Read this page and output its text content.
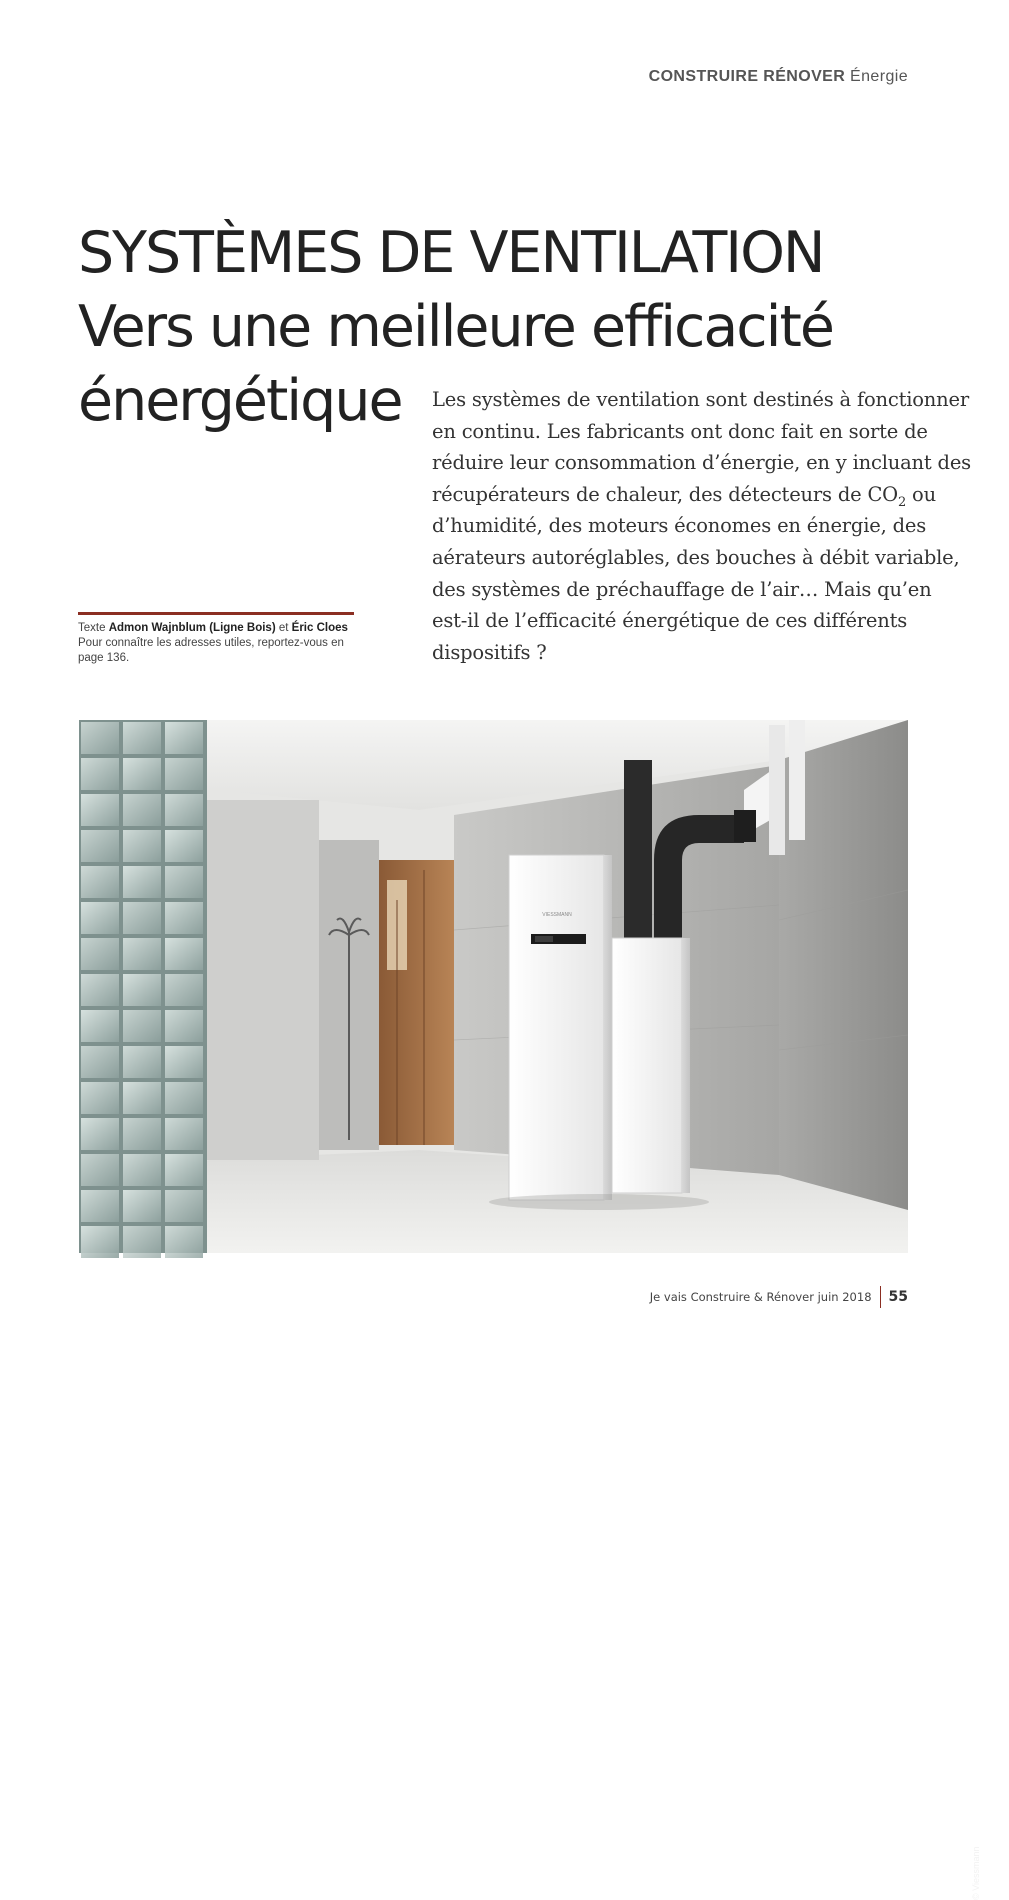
CONSTRUIRE RÉNOVER Énergie
SYSTÈMES DE VENTILATION
Vers une meilleure efficacité
énergétique	Les systèmes de ventilation sont destinés à fonctionner en continu. Les fabricants ont donc fait en sorte de réduire leur consommation d’énergie, en y incluant des récupérateurs de chaleur, des détecteurs de $CO_2$ ou d’humidité, des moteurs économes en énergie, des aérateurs autoréglables, des bouches à débit variable, des systèmes de préchauffage de l’air… Mais qu’en est-il de l’efficacité énergétique de ces différents dispositifs ?

Texte Admon Wajnblum (Ligne Bois) et Éric Cloes
Pour connaître les adresses utiles, reportez-vous en page 136.
VIESSMANN
© Viessmann
Je vais Construire & Rénover juin 2018 55
